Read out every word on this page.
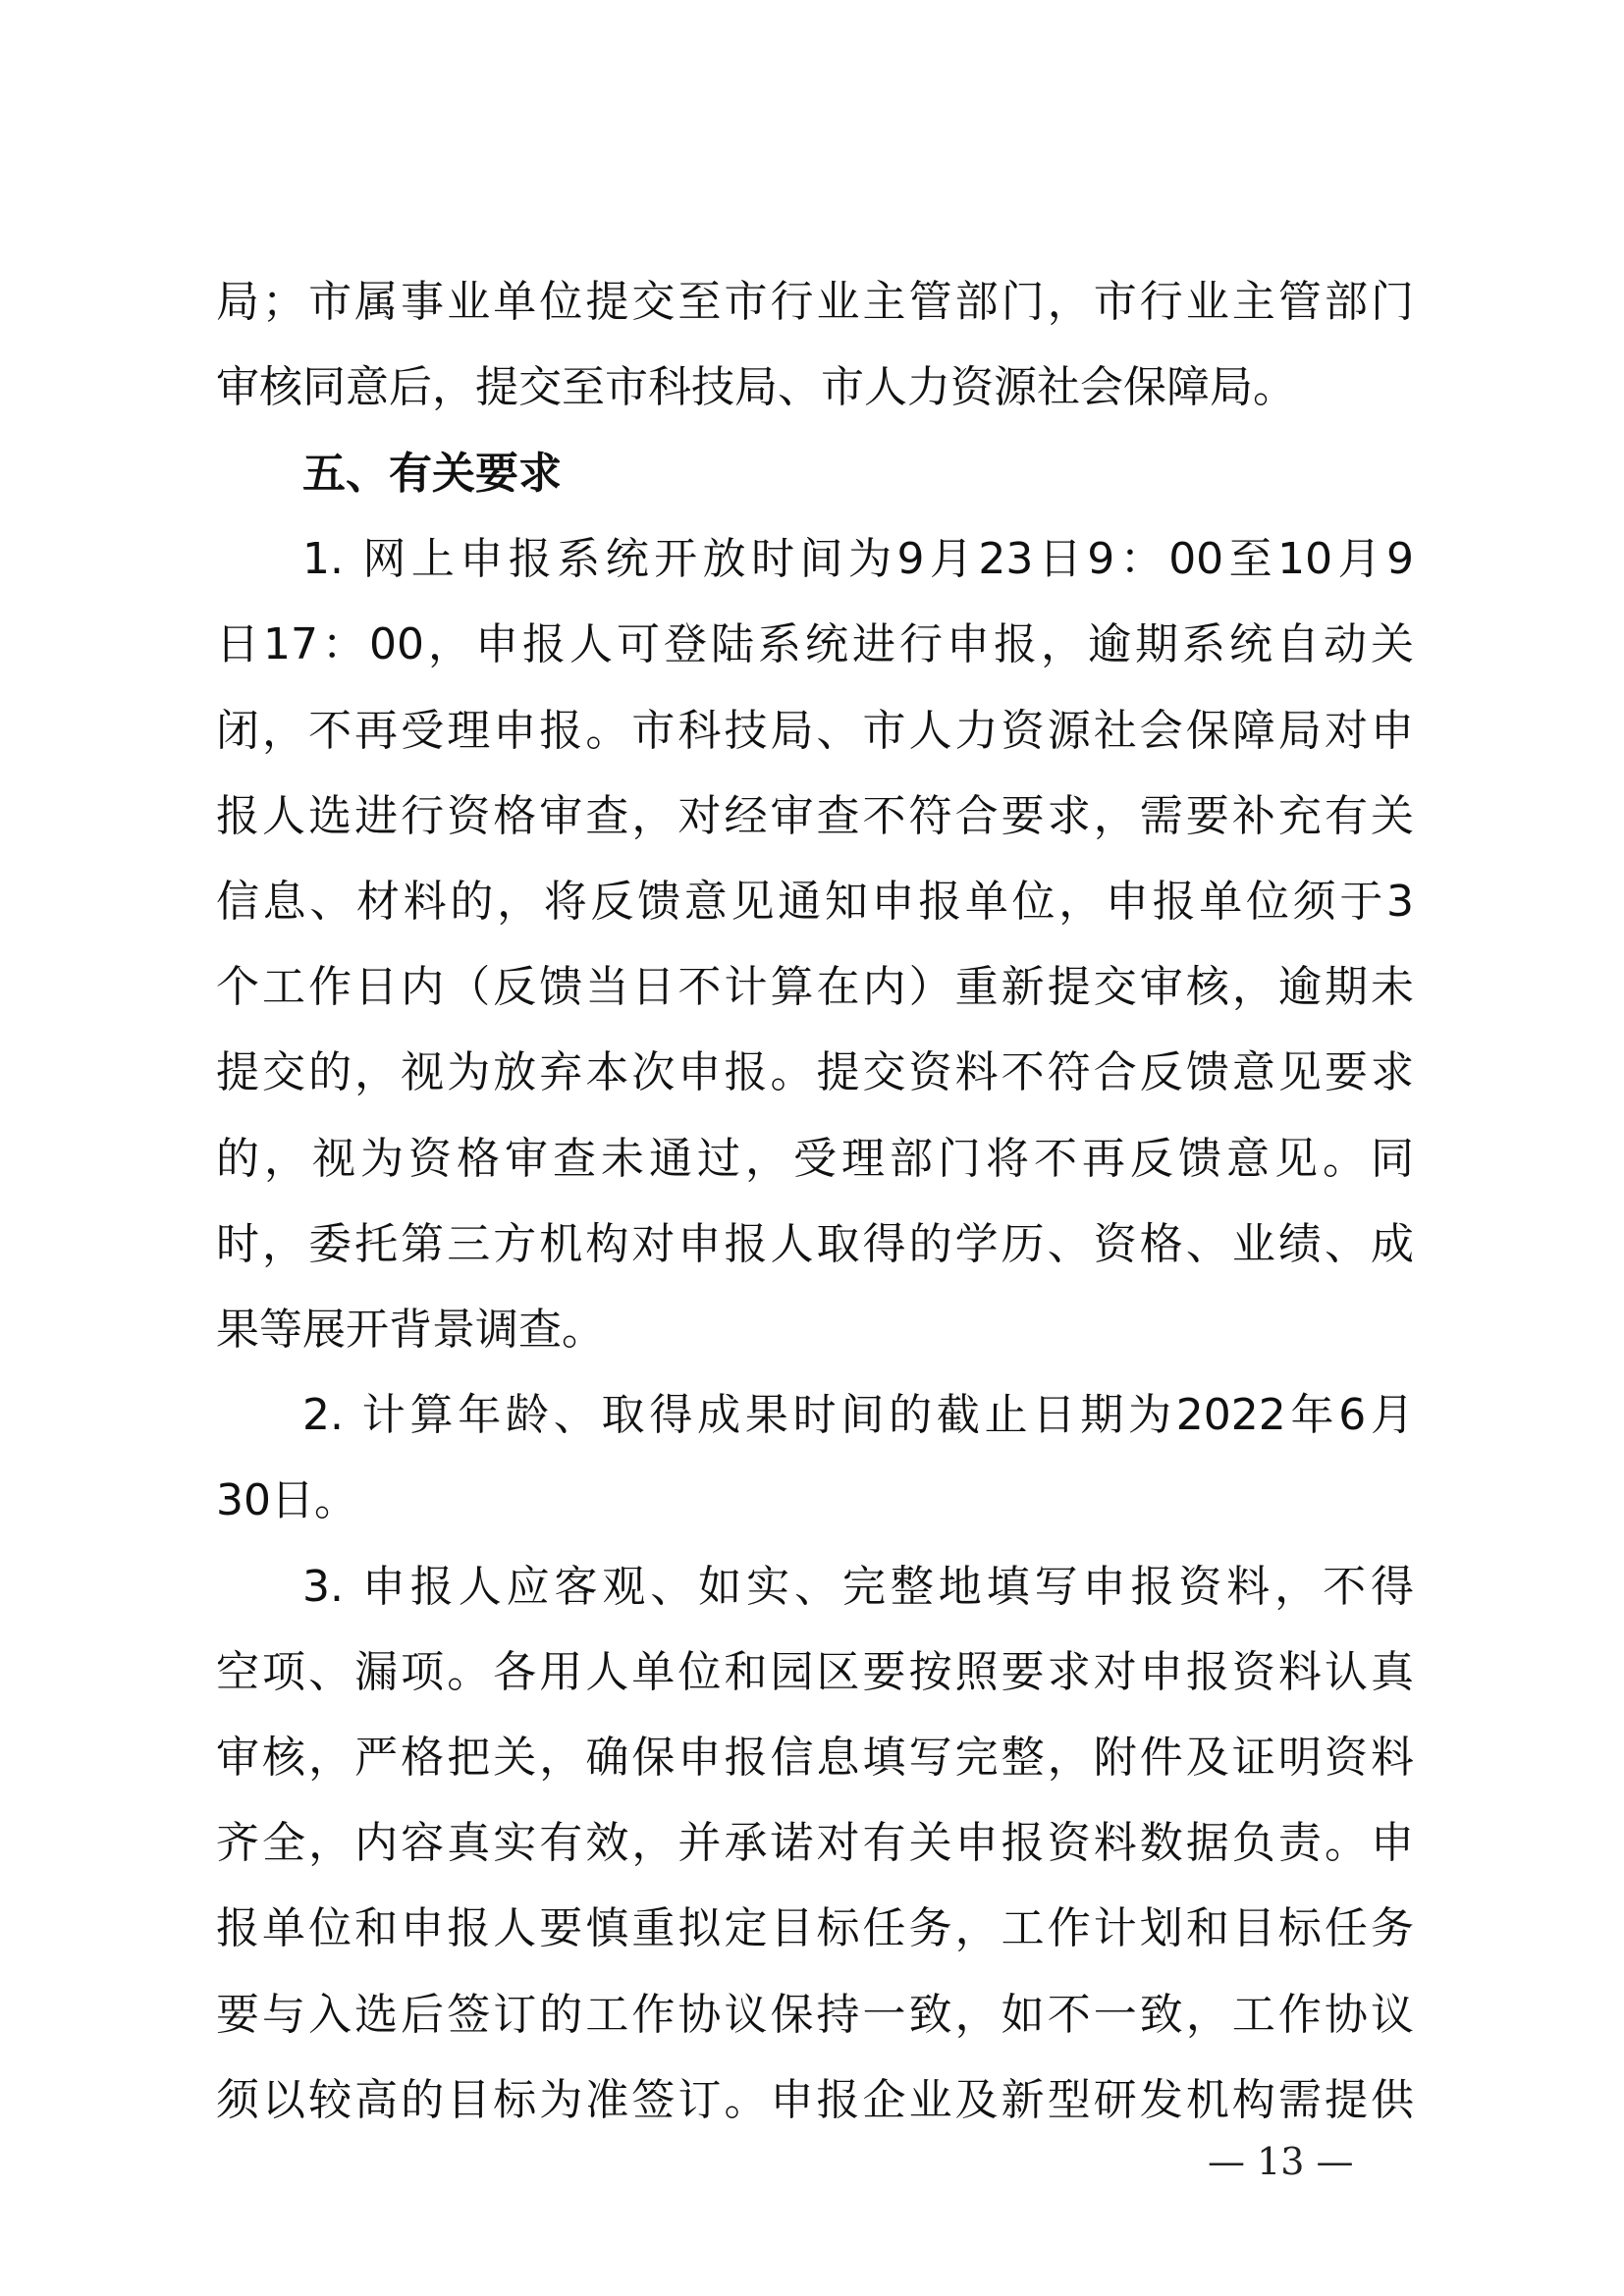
局；市属事业单位提交至市行业主管部门，市行业主管部门
审核同意后，提交至市科技局、市人力资源社会保障局。
五、有关要求
1. 网上申报系统开放时间为9月23日9：00至10月9
日17：00，申报人可登陆系统进行申报，逾期系统自动关
闭，不再受理申报。市科技局、市人力资源社会保障局对申
报人选进行资格审查，对经审查不符合要求，需要补充有关
信息、材料的，将反馈意见通知申报单位，申报单位须于3
个工作日内（反馈当日不计算在内）重新提交审核，逾期未
提交的，视为放弃本次申报。提交资料不符合反馈意见要求
的，视为资格审查未通过，受理部门将不再反馈意见。同
时，委托第三方机构对申报人取得的学历、资格、业绩、成
果等展开背景调查。
2. 计算年龄、取得成果时间的截止日期为2022年6月
30日。
3. 申报人应客观、如实、完整地填写申报资料，不得
空项、漏项。各用人单位和园区要按照要求对申报资料认真
审核，严格把关，确保申报信息填写完整，附件及证明资料
齐全，内容真实有效，并承诺对有关申报资料数据负责。申
报单位和申报人要慎重拟定目标任务，工作计划和目标任务
要与入选后签订的工作协议保持一致，如不一致，工作协议
须以较高的目标为准签订。申报企业及新型研发机构需提供
— 13 —
